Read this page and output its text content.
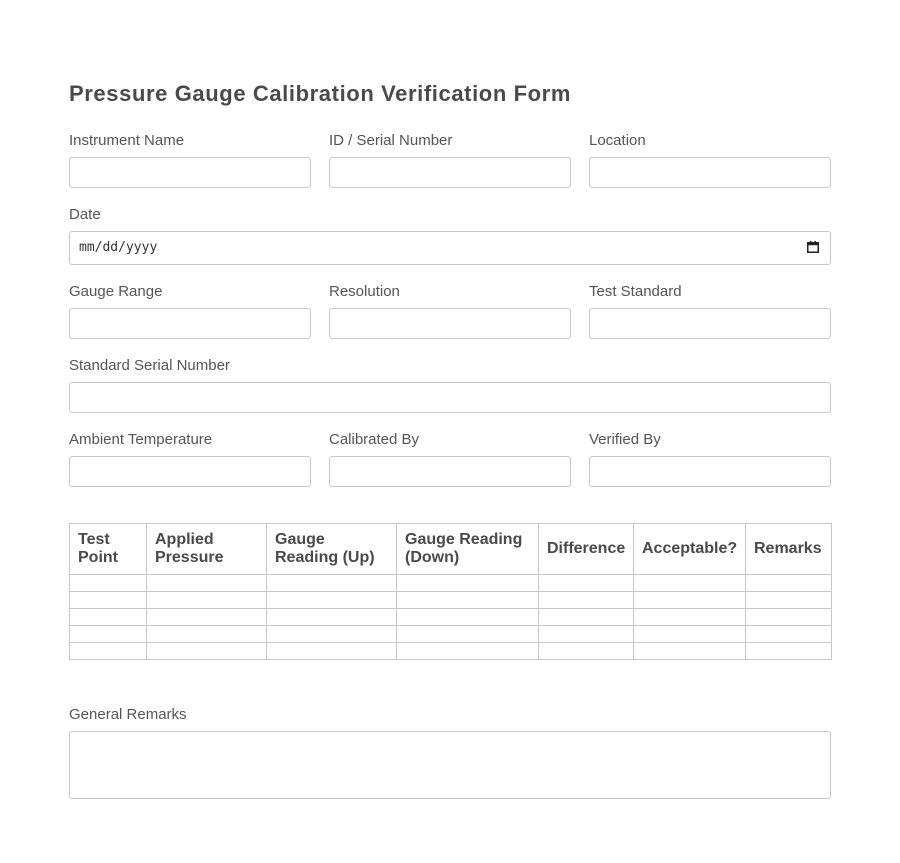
Pressure Gauge Calibration Verification Form
Instrument Name	ID / Serial Number	Location
Date
mm/dd/yyyy
Gauge Range	Resolution	Test Standard
Standard Serial Number
Ambient Temperature	Calibrated By	Verified By
Test Point	Applied Pressure	Gauge Reading (Up)	Gauge Reading (Down)	Difference	Acceptable?	Remarks

General Remarks
